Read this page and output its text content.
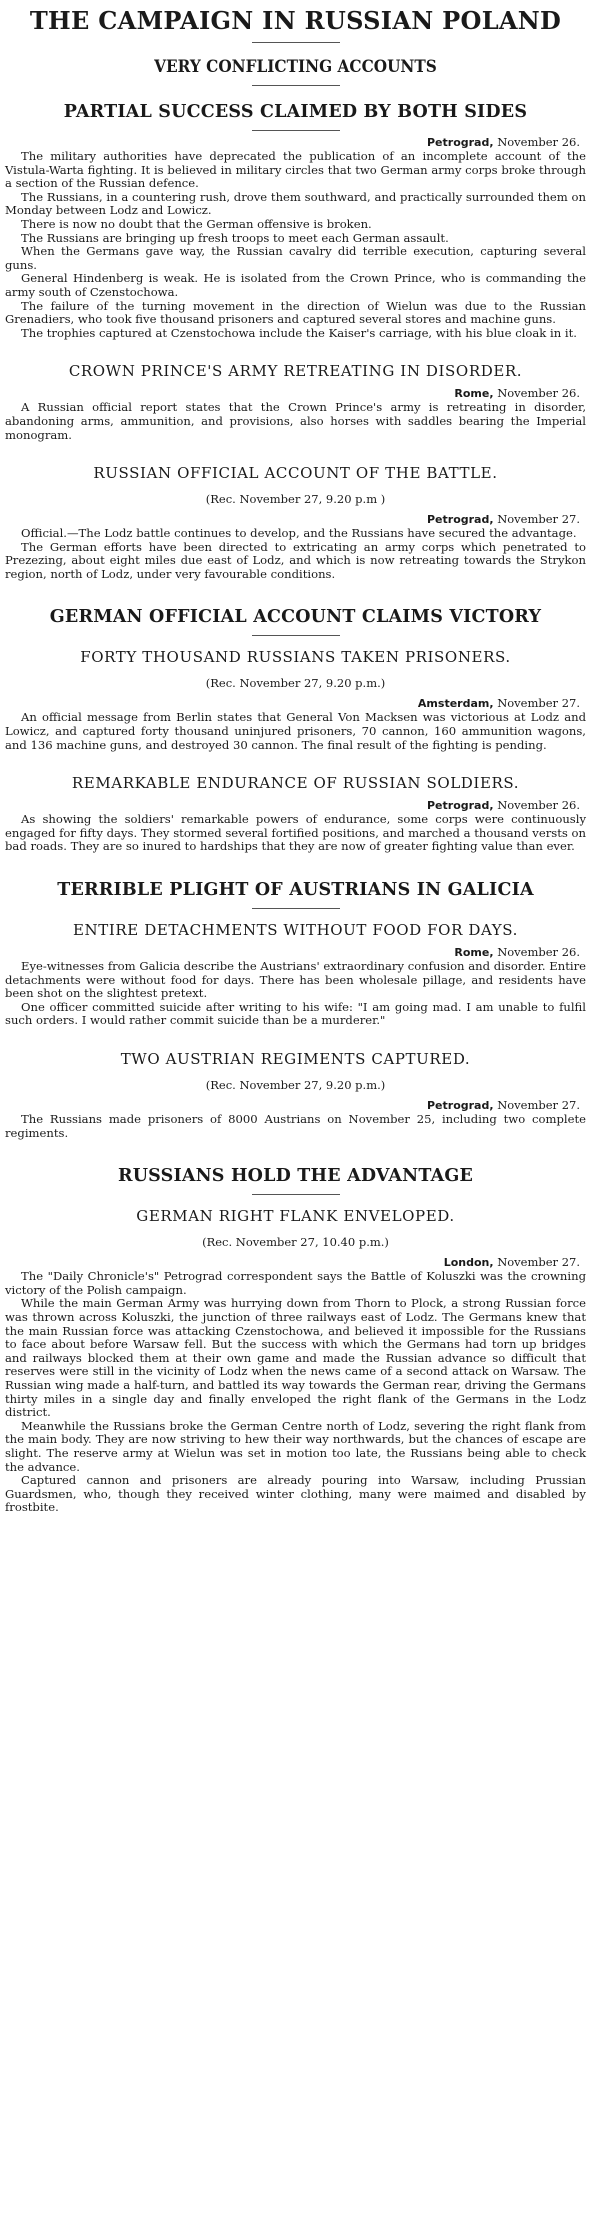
THE CAMPAIGN IN RUSSIAN POLAND
VERY CONFLICTING ACCOUNTS
PARTIAL SUCCESS CLAIMED BY BOTH SIDES
Petrograd, November 26.

The military authorities have deprecated the publication of an incomplete account of the Vistula-Warta fighting. It is believed in military circles that two German army corps broke through a section of the Russian defence.

The Russians, in a countering rush, drove them southward, and practically surrounded them on Monday between Lodz and Lowicz.

There is now no doubt that the German offensive is broken.

The Russians are bringing up fresh troops to meet each German assault.

When the Germans gave way, the Russian cavalry did terrible execution, capturing several guns.

General Hindenberg is weak. He is isolated from the Crown Prince, who is commanding the army south of Czenstochowa.

The failure of the turning movement in the direction of Wielun was due to the Russian Grenadiers, who took five thousand prisoners and captured several stores and machine guns.

The trophies captured at Czenstochowa include the Kaiser's carriage, with his blue cloak in it.

CROWN PRINCE'S ARMY RETREATING IN DISORDER.
Rome, November 26.

A Russian official report states that the Crown Prince's army is retreating in disorder, abandoning arms, ammunition, and provisions, also horses with saddles bearing the Imperial monogram.

RUSSIAN OFFICIAL ACCOUNT OF THE BATTLE.
(Rec. November 27, 9.20 p.m )
Petrograd, November 27.

Official.—The Lodz battle continues to develop, and the Russians have secured the advantage.

The German efforts have been directed to extricating an army corps which penetrated to Prezezing, about eight miles due east of Lodz, and which is now retreating towards the Strykon region, north of Lodz, under very favourable conditions.

GERMAN OFFICIAL ACCOUNT CLAIMS VICTORY
FORTY THOUSAND RUSSIANS TAKEN PRISONERS.
(Rec. November 27, 9.20 p.m.)
Amsterdam, November 27.

An official message from Berlin states that General Von Macksen was victorious at Lodz and Lowicz, and captured forty thousand uninjured prisoners, 70 cannon, 160 ammunition wagons, and 136 machine guns, and destroyed 30 cannon. The final result of the fighting is pending.

REMARKABLE ENDURANCE OF RUSSIAN SOLDIERS.
Petrograd, November 26.

As showing the soldiers' remarkable powers of endurance, some corps were continuously engaged for fifty days. They stormed several fortified positions, and marched a thousand versts on bad roads. They are so inured to hardships that they are now of greater fighting value than ever.

TERRIBLE PLIGHT OF AUSTRIANS IN GALICIA
ENTIRE DETACHMENTS WITHOUT FOOD FOR DAYS.
Rome, November 26.

Eye-witnesses from Galicia describe the Austrians' extraordinary confusion and disorder. Entire detachments were without food for days. There has been wholesale pillage, and residents have been shot on the slightest pretext.

One officer committed suicide after writing to his wife: "I am going mad. I am unable to fulfil such orders. I would rather commit suicide than be a murderer."

TWO AUSTRIAN REGIMENTS CAPTURED.
(Rec. November 27, 9.20 p.m.)
Petrograd, November 27.

The Russians made prisoners of 8000 Austrians on November 25, including two complete regiments.

RUSSIANS HOLD THE ADVANTAGE
GERMAN RIGHT FLANK ENVELOPED.
(Rec. November 27, 10.40 p.m.)
London, November 27.

The "Daily Chronicle's" Petrograd correspondent says the Battle of Koluszki was the crowning victory of the Polish campaign.

While the main German Army was hurrying down from Thorn to Plock, a strong Russian force was thrown across Koluszki, the junction of three railways east of Lodz. The Germans knew that the main Russian force was attacking Czenstochowa, and believed it impossible for the Russians to face about before Warsaw fell. But the success with which the Germans had torn up bridges and railways blocked them at their own game and made the Russian advance so difficult that reserves were still in the vicinity of Lodz when the news came of a second attack on Warsaw. The Russian wing made a half-turn, and battled its way towards the German rear, driving the Germans thirty miles in a single day and finally enveloped the right flank of the Germans in the Lodz district.

Meanwhile the Russians broke the German Centre north of Lodz, severing the right flank from the main body. They are now striving to hew their way northwards, but the chances of escape are slight. The reserve army at Wielun was set in motion too late, the Russians being able to check the advance.

Captured cannon and prisoners are already pouring into Warsaw, including Prussian Guardsmen, who, though they received winter clothing, many were maimed and disabled by frostbite.
